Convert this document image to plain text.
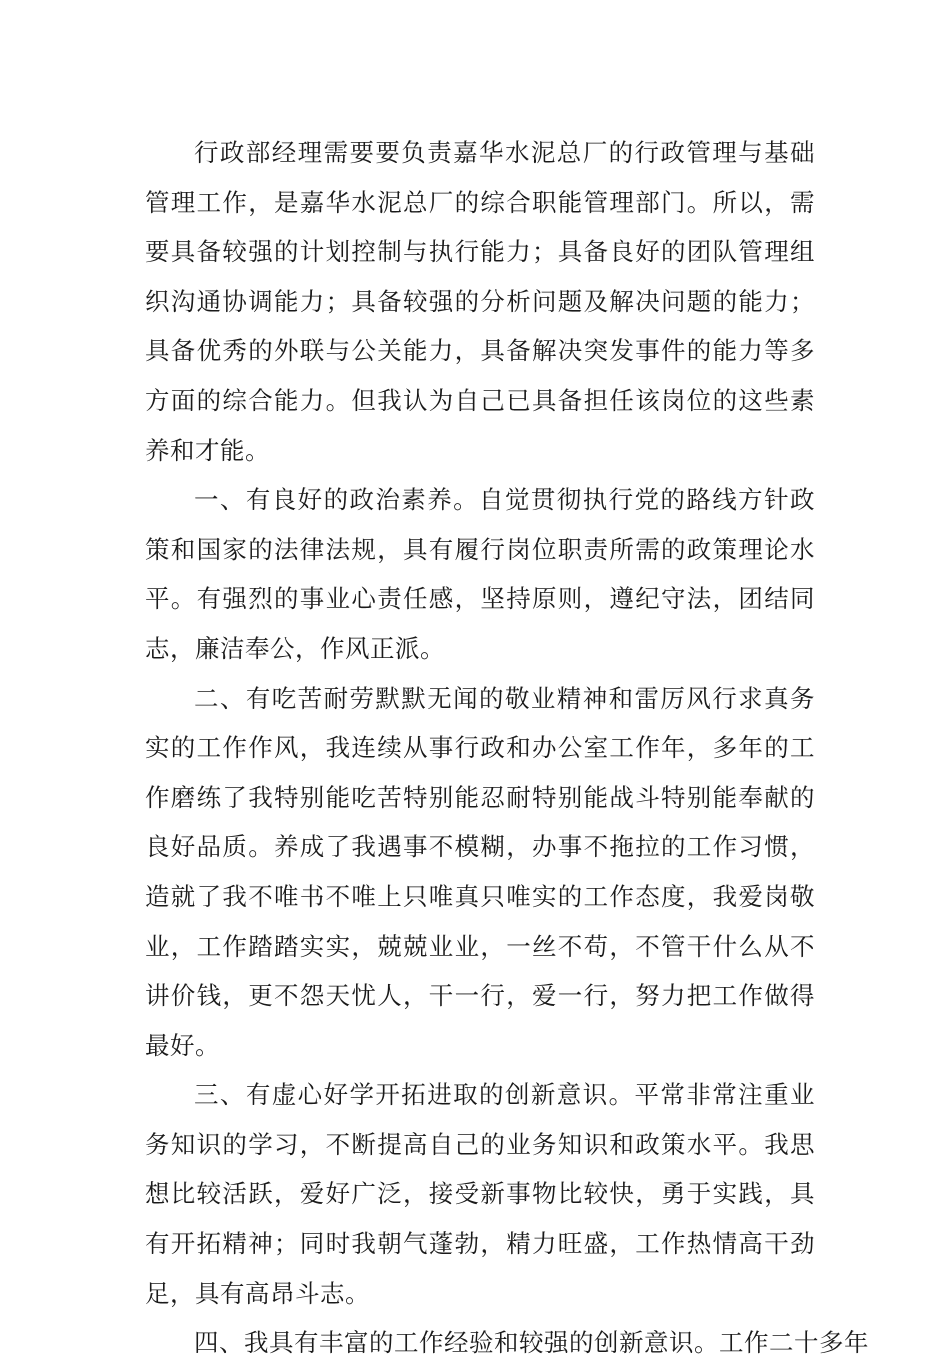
行政部经理需要要负责嘉华水泥总厂的行政管理与基础管理工作，是嘉华水泥总厂的综合职能管理部门。所以，需要具备较强的计划控制与执行能力；具备良好的团队管理组织沟通协调能力；具备较强的分析问题及解决问题的能力；具备优秀的外联与公关能力，具备解决突发事件的能力等多方面的综合能力。但我认为自己已具备担任该岗位的这些素养和才能。

一、有良好的政治素养。自觉贯彻执行党的路线方针政策和国家的法律法规，具有履行岗位职责所需的政策理论水平。有强烈的事业心责任感，坚持原则，遵纪守法，团结同志，廉洁奉公，作风正派。

二、有吃苦耐劳默默无闻的敬业精神和雷厉风行求真务实的工作作风，我连续从事行政和办公室工作年，多年的工作磨练了我特别能吃苦特别能忍耐特别能战斗特别能奉献的良好品质。养成了我遇事不模糊，办事不拖拉的工作习惯，造就了我不唯书不唯上只唯真只唯实的工作态度，我爱岗敬业，工作踏踏实实，兢兢业业，一丝不苟，不管干什么从不讲价钱，更不怨天忧人，干一行，爱一行，努力把工作做得最好。

三、有虚心好学开拓进取的创新意识。平常非常注重业务知识的学习，不断提高自己的业务知识和政策水平。我思想比较活跃，爱好广泛，接受新事物比较快，勇于实践，具有开拓精神；同时我朝气蓬勃，精力旺盛，工作热情高干劲足，具有高昂斗志。

四、我具有丰富的工作经验和较强的创新意识。工作二十多年
